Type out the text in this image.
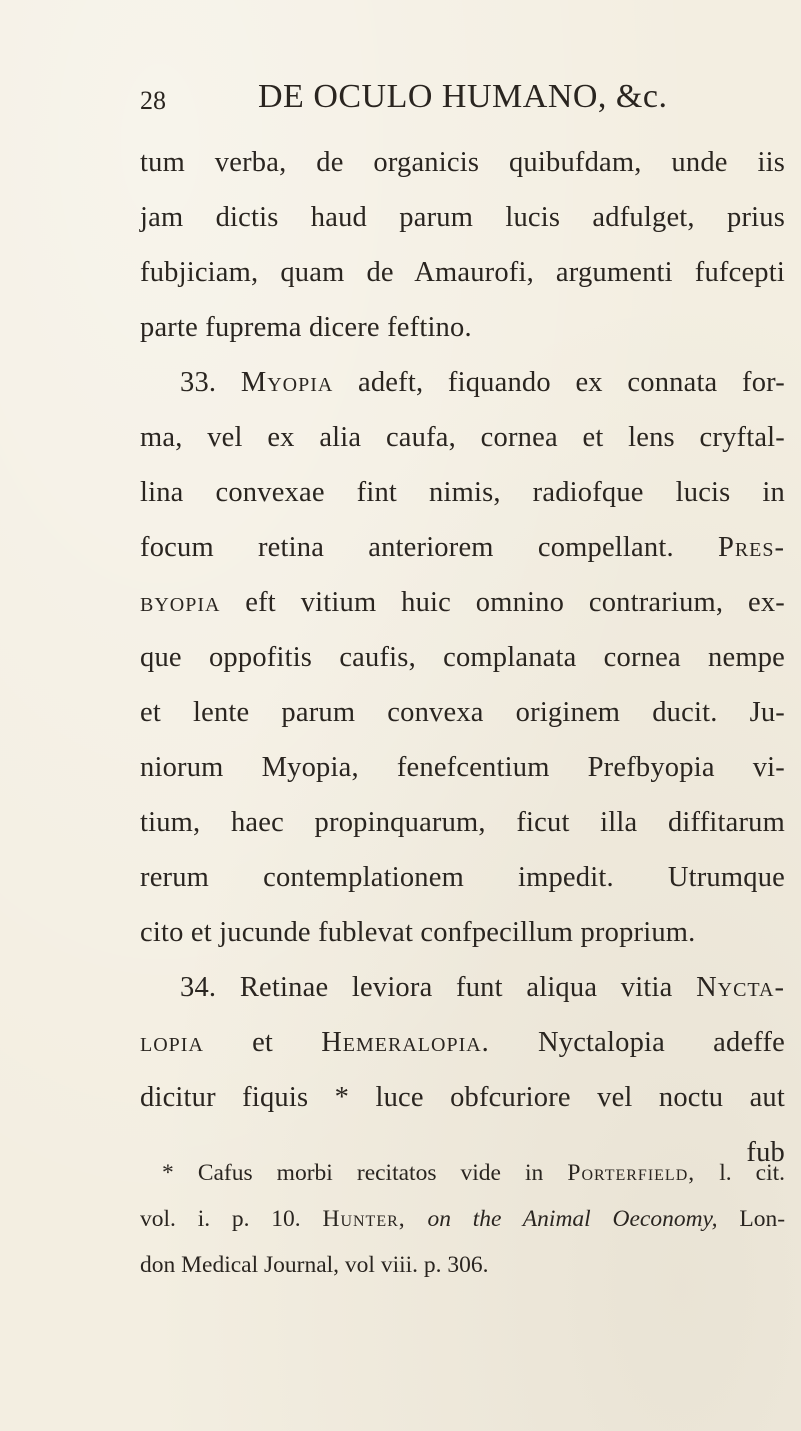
28	DE OCULO HUMANO, &c.
tum verba, de organicis quibufdam, unde iis
jam dictis haud parum lucis adfulget, prius
fubjiciam, quam de Amaurofi, argumenti fufcepti
parte fuprema dicere feftino.
33. Myopia adeft, fiquando ex connata for-
ma, vel ex alia caufa, cornea et lens cryftal-
lina convexae fint nimis, radiofque lucis in
focum retina anteriorem compellant. Pres-
byopia eft vitium huic omnino contrarium, ex-
que oppofitis caufis, complanata cornea nempe
et lente parum convexa originem ducit. Ju-
niorum Myopia, fenefcentium Prefbyopia vi-
tium, haec propinquarum, ficut illa diffitarum
rerum contemplationem impedit. Utrumque
cito et jucunde fublevat confpecillum proprium.
34. Retinae leviora funt aliqua vitia Nycta-
lopia et Hemeralopia. Nyctalopia adeffe
dicitur fiquis * luce obfcuriore vel noctu aut
fub
* Cafus morbi recitatos vide in Porterfield, l. cit.
vol. i. p. 10. Hunter, on the Animal Oeconomy, Lon-
don Medical Journal, vol viii. p. 306.
